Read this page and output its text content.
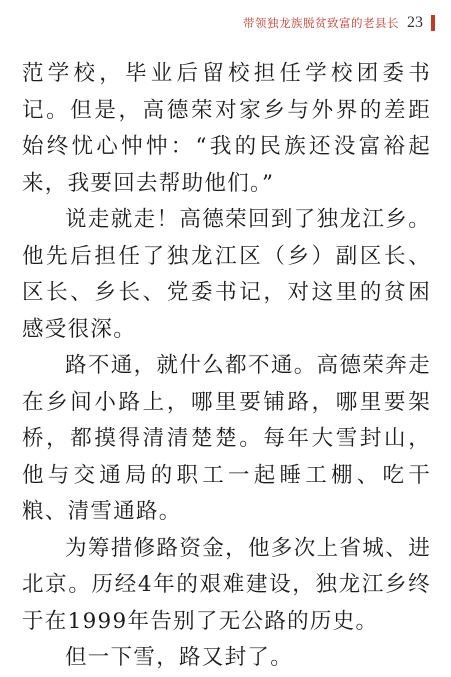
带领独龙族脱贫致富的老县长 23

范学校，毕业后留校担任学校团委书记。但是，高德荣对家乡与外界的差距始终忧心忡忡：“我的民族还没富裕起来，我要回去帮助他们。”

说走就走！高德荣回到了独龙江乡。他先后担任了独龙江区（乡）副区长、区长、乡长、党委书记，对这里的贫困感受很深。

路不通，就什么都不通。高德荣奔走在乡间小路上，哪里要铺路，哪里要架桥，都摸得清清楚楚。每年大雪封山，他与交通局的职工一起睡工棚、吃干粮、清雪通路。

为筹措修路资金，他多次上省城、进北京。历经4年的艰难建设，独龙江乡终于在1999年告别了无公路的历史。

但一下雪，路又封了。
